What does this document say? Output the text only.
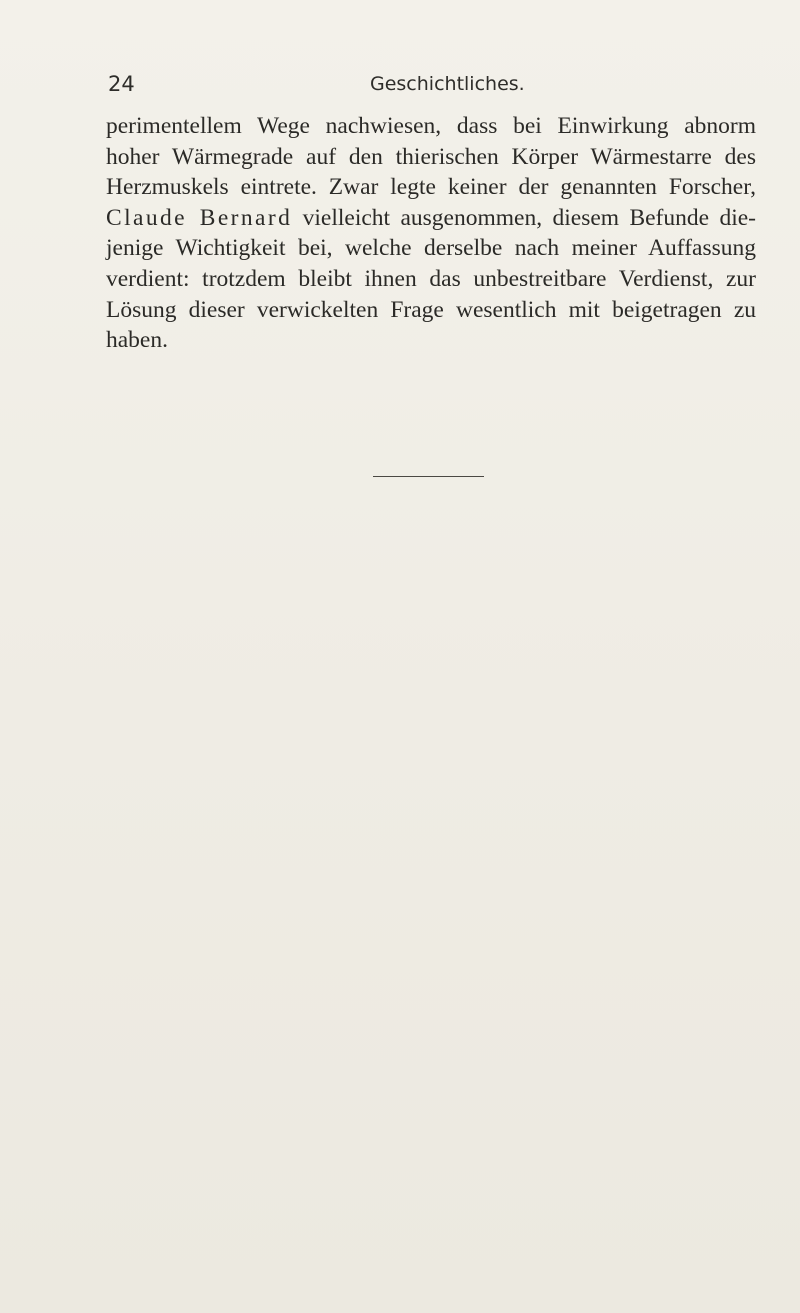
24	Geschichtliches.

perimentellem Wege nachwiesen, dass bei Einwirkung abnorm
hoher Wärmegrade auf den thierischen Körper Wärmestarre des
Herzmuskels eintrete. Zwar legte keiner der genannten Forscher,
Claude Bernard vielleicht ausgenommen, diesem Befunde die-
jenige Wichtigkeit bei, welche derselbe nach meiner Auffassung
verdient: trotzdem bleibt ihnen das unbestreitbare Verdienst, zur
Lösung dieser verwickelten Frage wesentlich mit beigetragen zu
haben.
